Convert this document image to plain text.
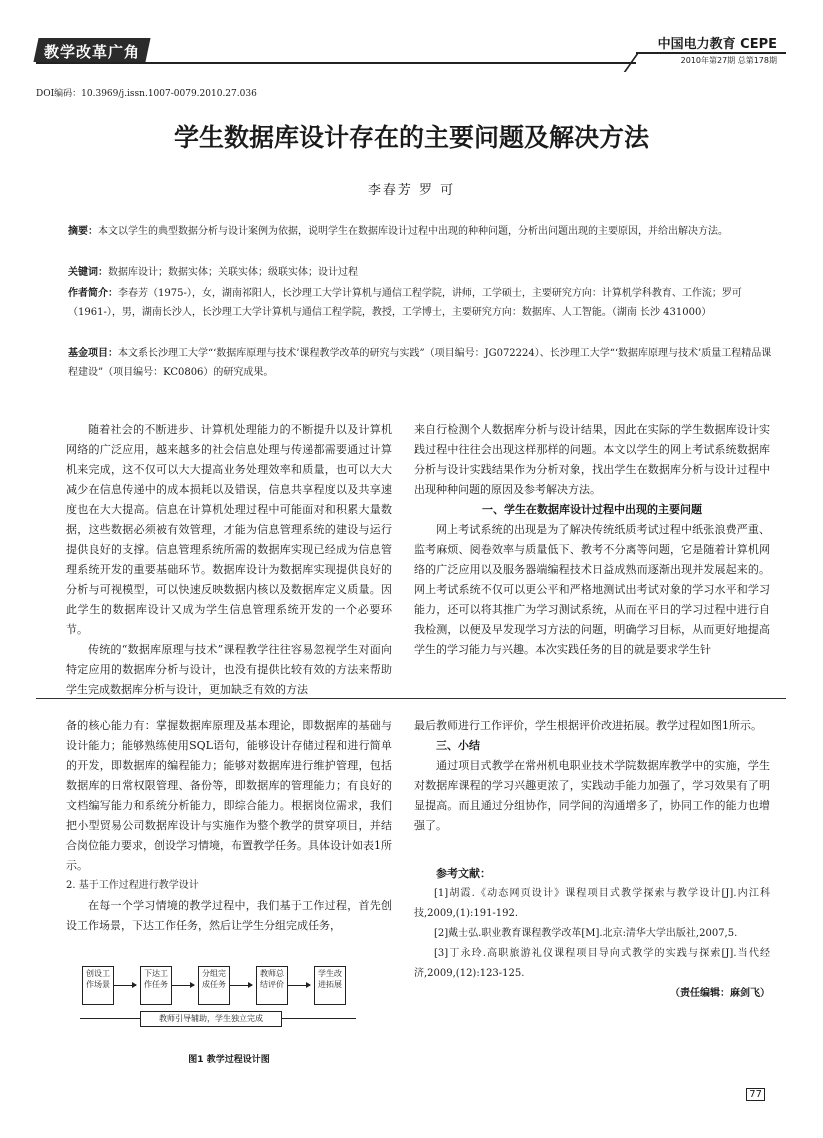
教学改革广角	中国电力教育 CEPE
2010年第27期 总第178期
DOI编码：10.3969/j.issn.1007-0079.2010.27.036
学生数据库设计存在的主要问题及解决方法
李春芳 罗 可
摘要：本文以学生的典型数据分析与设计案例为依据，说明学生在数据库设计过程中出现的种种问题，分析出问题出现的主要原因，并给出解决方法。
关键词：数据库设计；数据实体；关联实体；级联实体；设计过程
作者简介：李春芳（1975-），女，湖南祁阳人，长沙理工大学计算机与通信工程学院，讲师，工学硕士，主要研究方向：计算机学科教育、工作流；罗可（1961-），男，湖南长沙人，长沙理工大学计算机与通信工程学院，教授，工学博士，主要研究方向：数据库、人工智能。（湖南 长沙 431000）
基金项目：本文系长沙理工大学“‘数据库原理与技术’课程教学改革的研究与实践”（项目编号：JG072224）、长沙理工大学“‘数据库原理与技术’质量工程精品课程建设”（项目编号：KC0806）的研究成果。

随着社会的不断进步、计算机处理能力的不断提升以及计算机网络的广泛应用，越来越多的社会信息处理与传递都需要通过计算机来完成，这不仅可以大大提高业务处理效率和质量，也可以大大减少在信息传递中的成本损耗以及错误，信息共享程度以及共享速度也在大大提高。信息在计算机处理过程中可能面对和积累大量数据，这些数据必须被有效管理，才能为信息管理系统的建设与运行提供良好的支撑。信息管理系统所需的数据库实现已经成为信息管理系统开发的重要基础环节。数据库设计为数据库实现提供良好的分析与可视模型，可以快速反映数据内核以及数据库定义质量。因此学生的数据库设计又成为学生信息管理系统开发的一个必要环节。

传统的“数据库原理与技术”课程教学往往容易忽视学生对面向特定应用的数据库分析与设计，也没有提供比较有效的方法来帮助学生完成数据库分析与设计，更加缺乏有效的方法

来自行检测个人数据库分析与设计结果，因此在实际的学生数据库设计实践过程中往往会出现这样那样的问题。本文以学生的网上考试系统数据库分析与设计实践结果作为分析对象，找出学生在数据库分析与设计过程中出现种种问题的原因及参考解决方法。

一、学生在数据库设计过程中出现的主要问题

网上考试系统的出现是为了解决传统纸质考试过程中纸张浪费严重、监考麻烦、阅卷效率与质量低下、教考不分离等问题，它是随着计算机网络的广泛应用以及服务器端编程技术日益成熟而逐渐出现并发展起来的。网上考试系统不仅可以更公平和严格地测试出考试对象的学习水平和学习能力，还可以将其推广为学习测试系统，从而在平日的学习过程中进行自我检测，以便及早发现学习方法的问题，明确学习目标，从而更好地提高学生的学习能力与兴趣。本次实践任务的目的就是要求学生针

备的核心能力有：掌握数据库原理及基本理论，即数据库的基础与设计能力；能够熟练使用SQL语句，能够设计存储过程和进行简单的开发，即数据库的编程能力；能够对数据库进行维护管理，包括数据库的日常权限管理、备份等，即数据库的管理能力；有良好的文档编写能力和系统分析能力，即综合能力。根据岗位需求，我们把小型贸易公司数据库设计与实施作为整个教学的贯穿项目，并结合岗位能力要求，创设学习情境，布置教学任务。具体设计如表1所示。

2. 基于工作过程进行教学设计

在每一个学习情境的教学过程中，我们基于工作过程，首先创设工作场景，下达工作任务，然后让学生分组完成任务，

创设工作场景
下达工作任务
分组完成任务
教师总结评价
学生改进拓展
教师引导辅助，学生独立完成
图1 教学过程设计图

最后教师进行工作评价，学生根据评价改进拓展。教学过程如图1所示。

三、小结

通过项目式教学在常州机电职业技术学院数据库教学中的实施，学生对数据库课程的学习兴趣更浓了，实践动手能力加强了，学习效果有了明显提高。而且通过分组协作，同学间的沟通增多了，协同工作的能力也增强了。

参考文献：
[1]胡霞.《动态网页设计》课程项目式教学探索与教学设计[J].内江科技,2009,(1):191-192.
[2]戴士弘.职业教育课程教学改革[M].北京:清华大学出版社,2007,5.
[3]丁永玲.高职旅游礼仪课程项目导向式教学的实践与探索[J].当代经济,2009,(12):123-125.
（责任编辑：麻剑飞）
77
